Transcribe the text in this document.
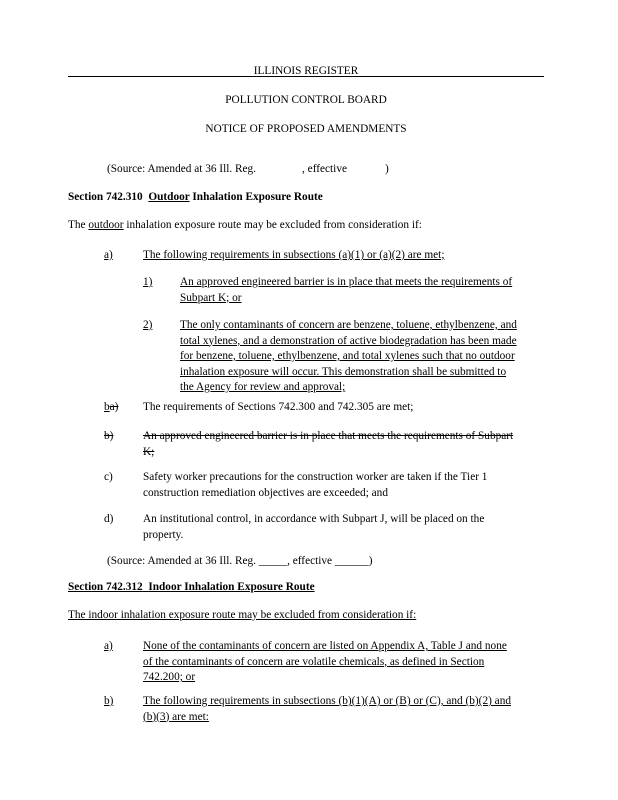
ILLINOIS REGISTER
POLLUTION CONTROL BOARD
NOTICE OF PROPOSED AMENDMENTS
(Source: Amended at 36 Ill. Reg.	, effective	)
Section 742.310 Outdoor Inhalation Exposure Route
The outdoor inhalation exposure route may be excluded from consideration if:
a)	The following requirements in subsections (a)(1) or (a)(2) are met;
1) An approved engineered barrier is in place that meets the requirements of
Subpart K; or
2) The only contaminants of concern are benzene, toluene, ethylbenzene, and
total xylenes, and a demonstration of active biodegradation has been made
for benzene, toluene, ethylbenzene, and total xylenes such that no outdoor
inhalation exposure will occur. This demonstration shall be submitted to
the Agency for review and approval;
ba) The requirements of Sections 742.300 and 742.305 are met;
b)	An approved engineered barrier is in place that meets the requirements of Subpart
K;
c)	Safety worker precautions for the construction worker are taken if the Tier 1
construction remediation objectives are exceeded; and
d)	An institutional control, in accordance with Subpart J, will be placed on the
property.
(Source: Amended at 36 Ill. Reg. _____, effective ______)
Section 742.312 Indoor Inhalation Exposure Route
The indoor inhalation exposure route may be excluded from consideration if:
a)	None of the contaminants of concern are listed on Appendix A, Table J and none
of the contaminants of concern are volatile chemicals, as defined in Section
742.200; or
b)	The following requirements in subsections (b)(1)(A) or (B) or (C), and (b)(2) and
(b)(3) are met:
